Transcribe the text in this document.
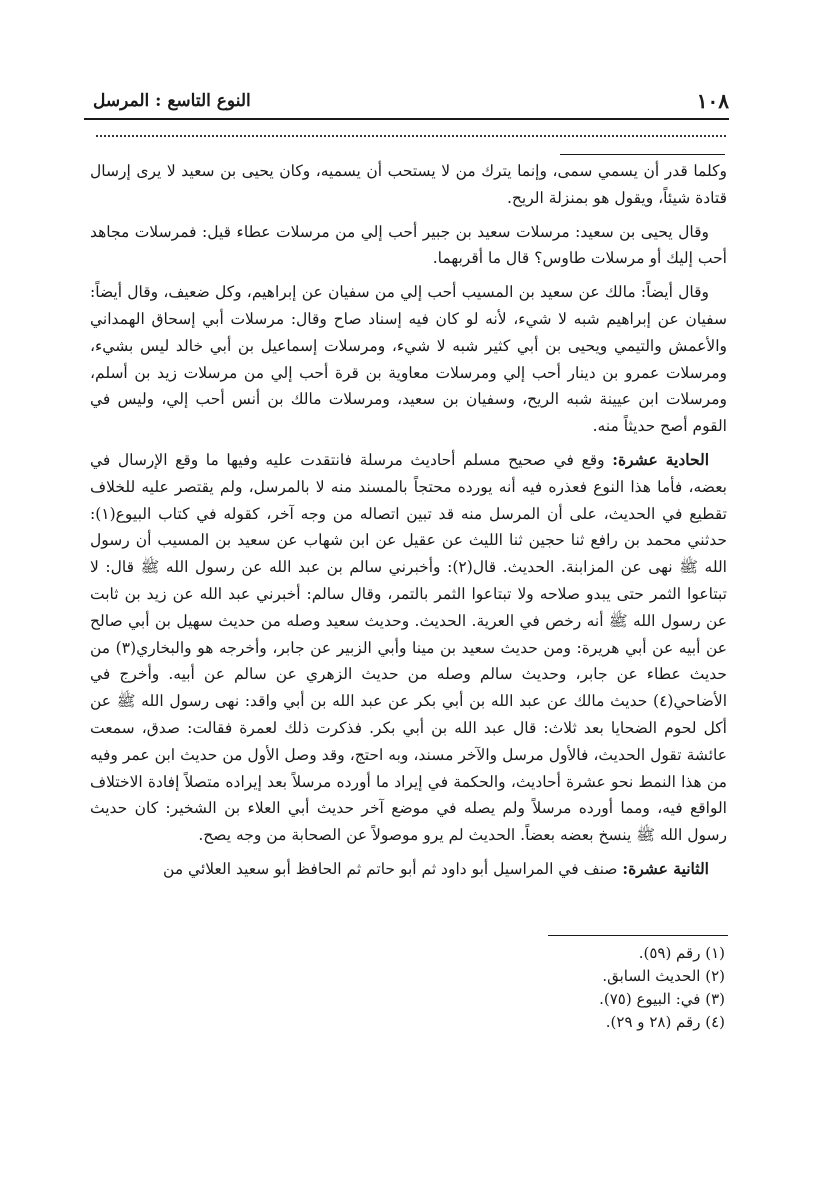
١٠٨
النوع التاسع : المرسل

وكلما قدر أن يسمي سمى، وإنما يترك من لا يستحب أن يسميه، وكان يحيى بن سعيد لا يرى إرسال قتادة شيئاً، ويقول هو بمنزلة الريح.

وقال يحيى بن سعيد: مرسلات سعيد بن جبير أحب إلي من مرسلات عطاء قيل: فمرسلات مجاهد أحب إليك أو مرسلات طاوس؟ قال ما أقربهما.

وقال أيضاً: مالك عن سعيد بن المسيب أحب إلي من سفيان عن إبراهيم، وكل ضعيف، وقال أيضاً: سفيان عن إبراهيم شبه لا شيء، لأنه لو كان فيه إسناد صاح وقال: مرسلات أبي إسحاق الهمداني والأعمش والتيمي ويحيى بن أبي كثير شبه لا شيء، ومرسلات إسماعيل بن أبي خالد ليس بشيء، ومرسلات عمرو بن دينار أحب إلي ومرسلات معاوية بن قرة أحب إلي من مرسلات زيد بن أسلم، ومرسلات ابن عيينة شبه الريح، وسفيان بن سعيد، ومرسلات مالك بن أنس أحب إلي، وليس في القوم أصح حديثاً منه.

الحادية عشرة: وقع في صحيح مسلم أحاديث مرسلة فانتقدت عليه وفيها ما وقع الإرسال في بعضه، فأما هذا النوع فعذره فيه أنه يورده محتجاً بالمسند منه لا بالمرسل، ولم يقتصر عليه للخلاف تقطيع في الحديث، على أن المرسل منه قد تبين اتصاله من وجه آخر، كقوله في كتاب البيوع(١): حدثني محمد بن رافع ثنا حجين ثنا الليث عن عقيل عن ابن شهاب عن سعيد بن المسيب أن رسول الله ﷺ نهى عن المزابنة. الحديث. قال(٢): وأخبرني سالم بن عبد الله عن رسول الله ﷺ قال: لا تبتاعوا الثمر حتى يبدو صلاحه ولا تبتاعوا الثمر بالتمر، وقال سالم: أخبرني عبد الله عن زيد بن ثابت عن رسول الله ﷺ أنه رخص في العرية. الحديث. وحديث سعيد وصله من حديث سهيل بن أبي صالح عن أبيه عن أبي هريرة: ومن حديث سعيد بن مينا وأبي الزبير عن جابر، وأخرجه هو والبخاري(٣) من حديث عطاء عن جابر، وحديث سالم وصله من حديث الزهري عن سالم عن أبيه. وأخرج في الأضاحي(٤) حديث مالك عن عبد الله بن أبي بكر عن عبد الله بن أبي واقد: نهى رسول الله ﷺ عن أكل لحوم الضحايا بعد ثلاث: قال عبد الله بن أبي بكر. فذكرت ذلك لعمرة فقالت: صدق، سمعت عائشة تقول الحديث، فالأول مرسل والآخر مسند، وبه احتج، وقد وصل الأول من حديث ابن عمر وفيه من هذا النمط نحو عشرة أحاديث، والحكمة في إيراد ما أورده مرسلاً بعد إيراده متصلاً إفادة الاختلاف الواقع فيه، ومما أورده مرسلاً ولم يصله في موضع آخر حديث أبي العلاء بن الشخير: كان حديث رسول الله ﷺ ينسخ بعضه بعضاً. الحديث لم يرو موصولاً عن الصحابة من وجه يصح.

الثانية عشرة: صنف في المراسيل أبو داود ثم أبو حاتم ثم الحافظ أبو سعيد العلائي من

(١) رقم (٥٩).

(٢) الحديث السابق.

(٣) في: البيوع (٧٥).

(٤) رقم (٢٨ و ٢٩).
